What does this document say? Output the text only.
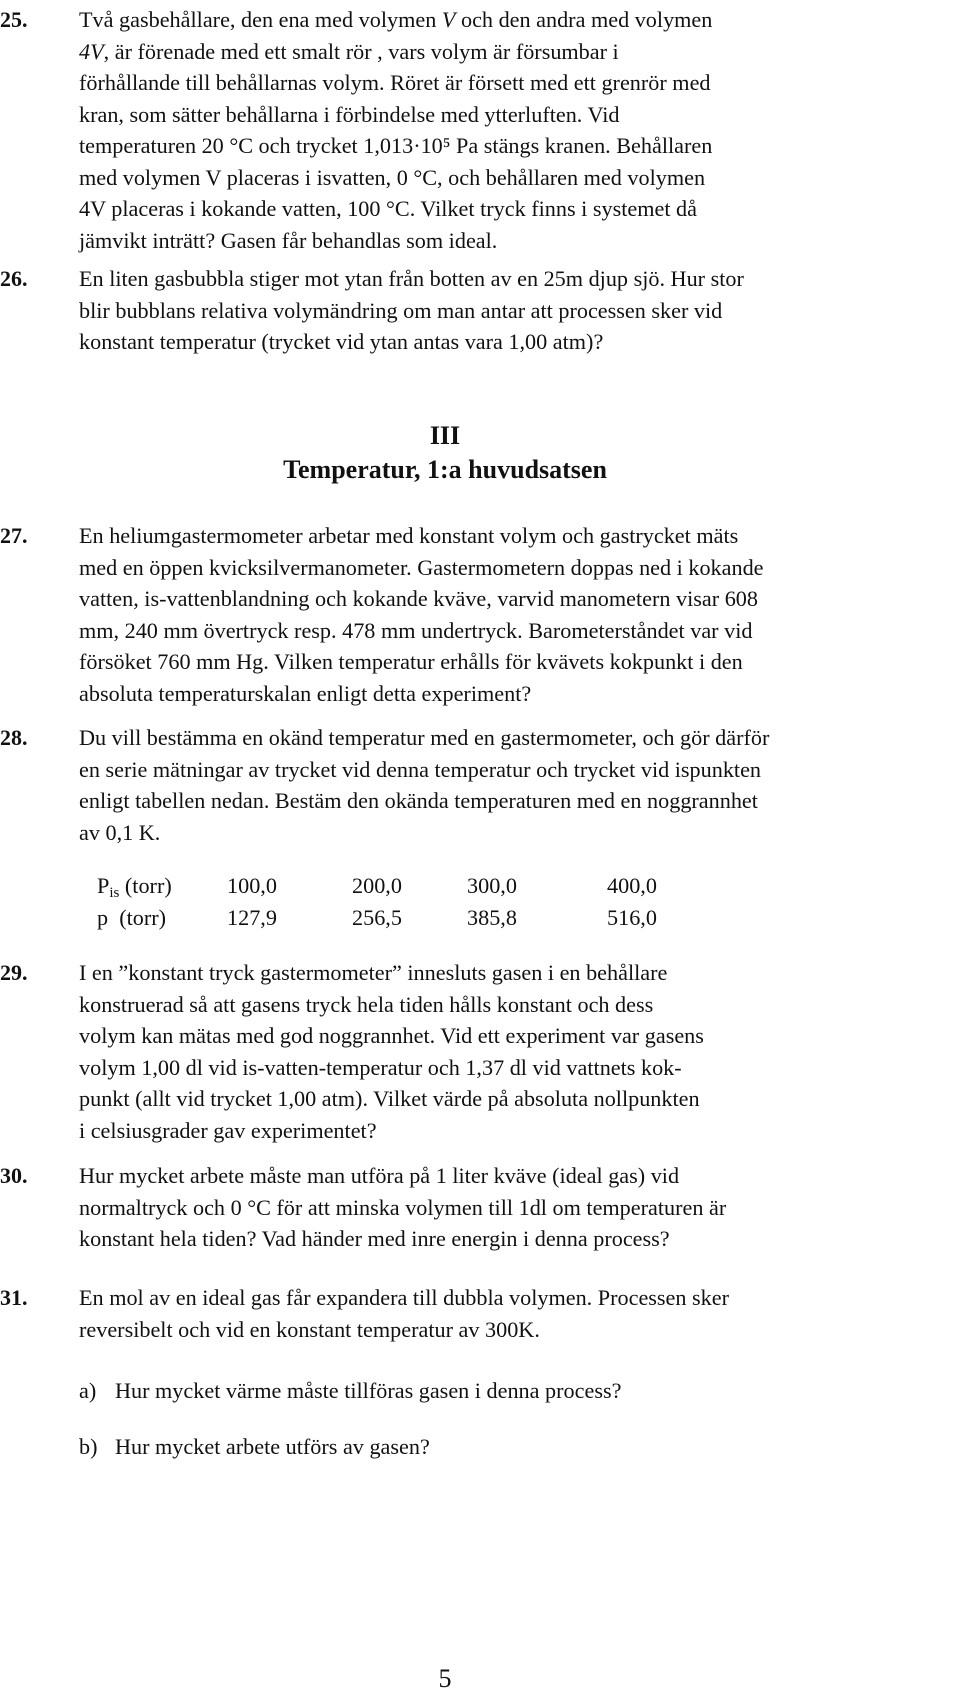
25.	Två gasbehållare, den ena med volymen V och den andra med volymen
4V, är förenade med ett smalt rör , vars volym är försumbar i
förhållande till behållarnas volym. Röret är försett med ett grenrör med
kran, som sätter behållarna i förbindelse med ytterluften. Vid
temperaturen 20 °C och trycket 1,013·10⁵ Pa stängs kranen. Behållaren
med volymen V placeras i isvatten, 0 °C, och behållaren med volymen
4V placeras i kokande vatten, 100 °C. Vilket tryck finns i systemet då
jämvikt inträtt? Gasen får behandlas som ideal.
26.	En liten gasbubbla stiger mot ytan från botten av en 25m djup sjö. Hur stor
blir bubblans relativa volymändring om man antar att processen sker vid
konstant temperatur (trycket vid ytan antas vara 1,00 atm)?
III
Temperatur, 1:a huvudsatsen
27.	En heliumgastermometer arbetar med konstant volym och gastrycket mäts
med en öppen kvicksilvermanometer. Gastermometern doppas ned i kokande
vatten, is-vattenblandning och kokande kväve, varvid manometern visar 608
mm, 240 mm övertryck resp. 478 mm undertryck. Barometerståndet var vid
försöket 760 mm Hg. Vilken temperatur erhålls för kvävets kokpunkt i den
absoluta temperaturskalan enligt detta experiment?
28.	Du vill bestämma en okänd temperatur med en gastermometer, och gör därför
en serie mätningar av trycket vid denna temperatur och trycket vid ispunkten
enligt tabellen nedan. Bestäm den okända temperaturen med en noggrannhet
av 0,1 K.
$P_{is}$ (torr)	100,0	200,0	300,0	400,0
p  (torr)	127,9	256,5	385,8	516,0
29.	I en ”konstant tryck gastermometer” innesluts gasen i en behållare
konstruerad så att gasens tryck hela tiden hålls konstant och dess
volym kan mätas med god noggrannhet. Vid ett experiment var gasens
volym 1,00 dl vid is-vatten-temperatur och 1,37 dl vid vattnets kok-
punkt (allt vid trycket 1,00 atm). Vilket värde på absoluta nollpunkten
i celsiusgrader gav experimentet?
30.	Hur mycket arbete måste man utföra på 1 liter kväve (ideal gas) vid
normaltryck och 0 °C för att minska volymen till 1dl om temperaturen är
konstant hela tiden? Vad händer med inre energin i denna process?
31.	En mol av en ideal gas får expandera till dubbla volymen. Processen sker
reversibelt och vid en konstant temperatur av 300K.
a) Hur mycket värme måste tillföras gasen i denna process?
b) Hur mycket arbete utförs av gasen?
5
